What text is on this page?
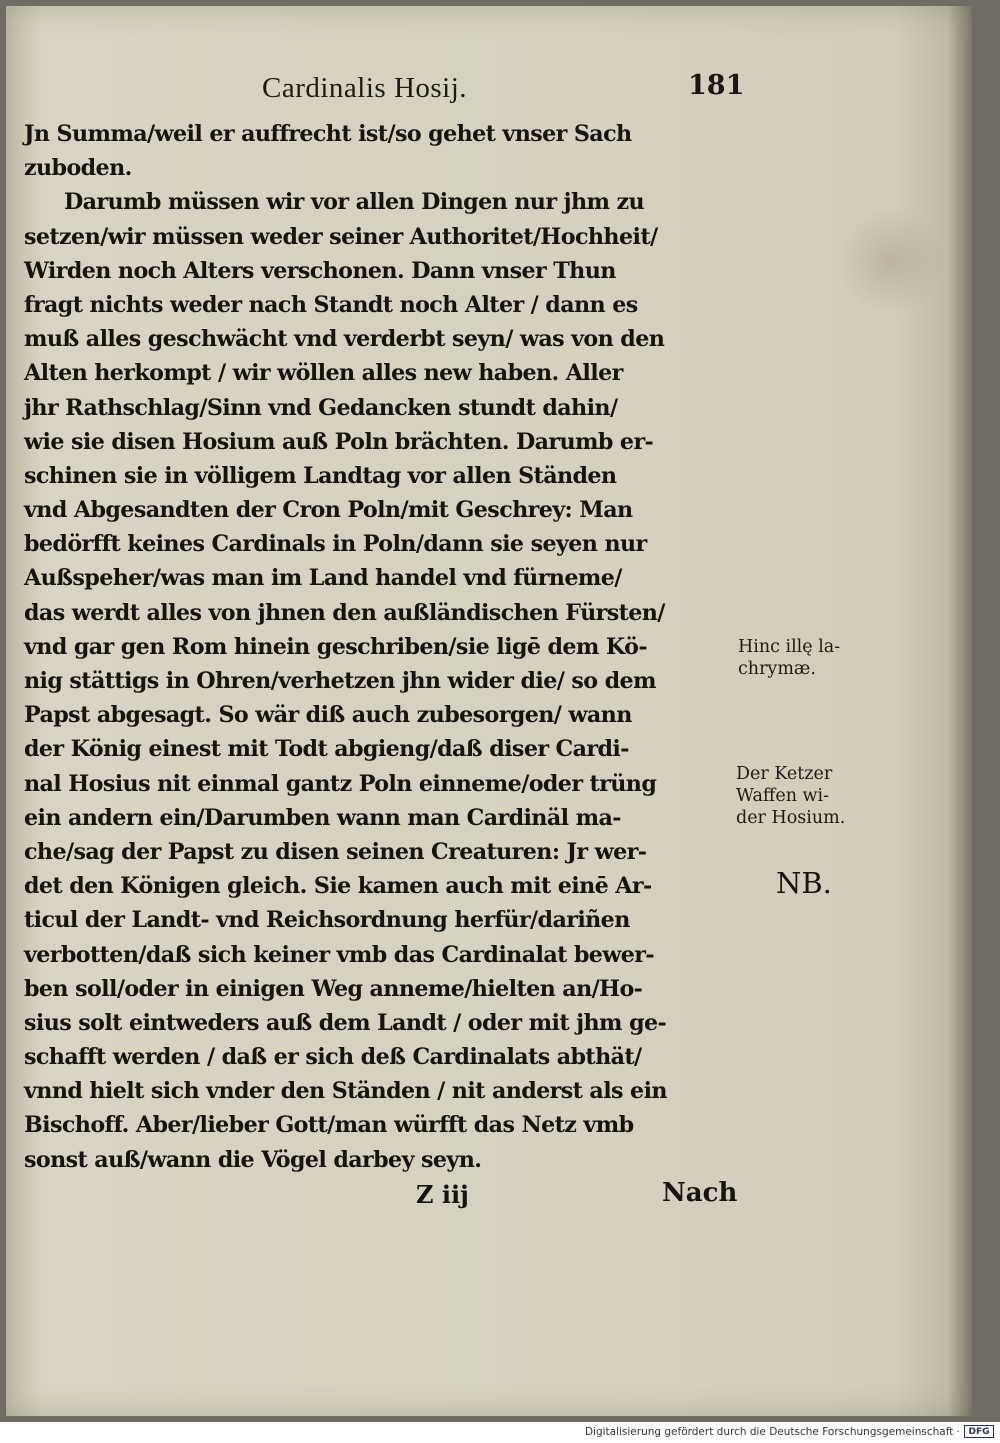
Cardinalis Hosij.	181
Jn Summa/weil er auffrecht ist/so gehet vnser Sach
zuboden.
Darumb müssen wir vor allen Dingen nur jhm zu
setzen/wir müssen weder seiner Authoritet/Hochheit/
Wirden noch Alters verschonen. Dann vnser Thun
fragt nichts weder nach Standt noch Alter / dann es
muß alles geschwächt vnd verderbt seyn/ was von den
Alten herkompt / wir wöllen alles new haben. Aller
jhr Rathschlag/Sinn vnd Gedancken stundt dahin/
wie sie disen Hosium auß Poln brächten. Darumb er-
schinen sie in völligem Landtag vor allen Ständen
vnd Abgesandten der Cron Poln/mit Geschrey: Man
bedörfft keines Cardinals in Poln/dann sie seyen nur
Außspeher/was man im Land handel vnd fürneme/
das werdt alles von jhnen den außländischen Fürsten/
vnd gar gen Rom hinein geschriben/sie ligē dem Kö-
nig stättigs in Ohren/verhetzen jhn wider die/ so dem
Papst abgesagt. So wär diß auch zubesorgen/ wann
der König einest mit Todt abgieng/daß diser Cardi-
nal Hosius nit einmal gantz Poln einneme/oder trüng
ein andern ein/Darumben wann man Cardinäl ma-
che/sag der Papst zu disen seinen Creaturen: Jr wer-
det den Königen gleich. Sie kamen auch mit einē Ar-
ticul der Landt- vnd Reichsordnung herfür/dariñen
verbotten/daß sich keiner vmb das Cardinalat bewer-
ben soll/oder in einigen Weg anneme/hielten an/Ho-
sius solt eintweders auß dem Landt / oder mit jhm ge-
schafft werden / daß er sich deß Cardinalats abthät/
vnnd hielt sich vnder den Ständen / nit anderst als ein
Bischoff. Aber/lieber Gott/man würfft das Netz vmb
sonst auß/wann die Vögel darbey seyn.
Hinc illę la-
chrymæ.
Der Ketzer
Waffen wi-
der Hosium.
NB.
Z iij	Nach
Digitalisierung gefördert durch die Deutsche Forschungsgemeinschaft · DFG
